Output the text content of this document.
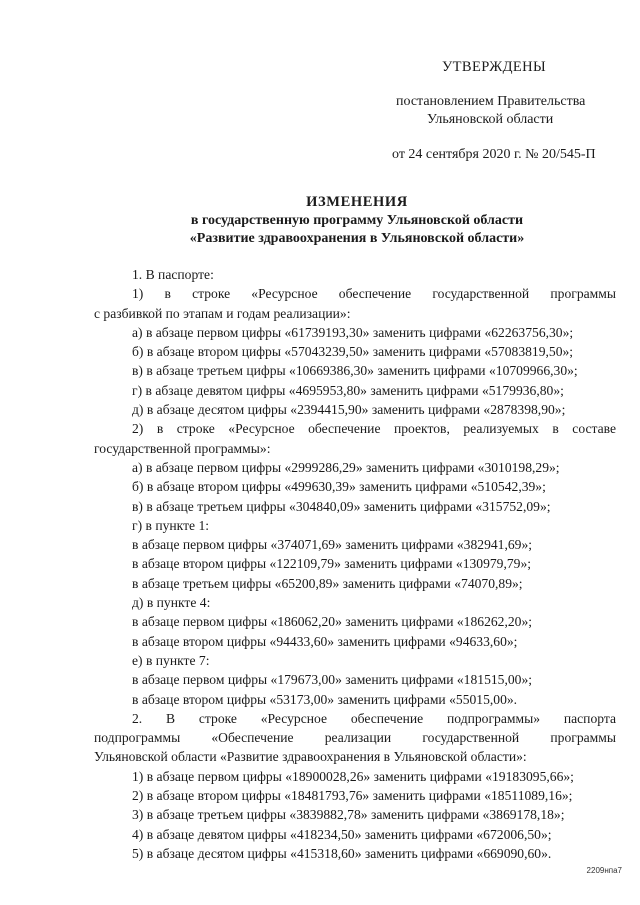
УТВЕРЖДЕНЫ
постановлением Правительства
Ульяновской области
от 24 сентября 2020 г. № 20/545-П
ИЗМЕНЕНИЯ
в государственную программу Ульяновской области
«Развитие здравоохранения в Ульяновской области»
1. В паспорте:
1) в строке «Ресурсное обеспечение государственной программы
с разбивкой по этапам и годам реализации»:
а) в абзаце первом цифры «61739193,30» заменить цифрами «62263756,30»;
б) в абзаце втором цифры «57043239,50» заменить цифрами «57083819,50»;
в) в абзаце третьем цифры «10669386,30» заменить цифрами «10709966,30»;
г) в абзаце девятом цифры «4695953,80» заменить цифрами «5179936,80»;
д) в абзаце десятом цифры «2394415,90» заменить цифрами «2878398,90»;
2) в строке «Ресурсное обеспечение проектов, реализуемых в составе
государственной программы»:
а) в абзаце первом цифры «2999286,29» заменить цифрами «3010198,29»;
б) в абзаце втором цифры «499630,39» заменить цифрами «510542,39»;
в) в абзаце третьем цифры «304840,09» заменить цифрами «315752,09»;
г) в пункте 1:
в абзаце первом цифры «374071,69» заменить цифрами «382941,69»;
в абзаце втором цифры «122109,79» заменить цифрами «130979,79»;
в абзаце третьем цифры «65200,89» заменить цифрами «74070,89»;
д) в пункте 4:
в абзаце первом цифры «186062,20» заменить цифрами «186262,20»;
в абзаце втором цифры «94433,60» заменить цифрами «94633,60»;
е) в пункте 7:
в абзаце первом цифры «179673,00» заменить цифрами «181515,00»;
в абзаце втором цифры «53173,00» заменить цифрами «55015,00».
2. В строке «Ресурсное обеспечение подпрограммы» паспорта
подпрограммы «Обеспечение реализации государственной программы
Ульяновской области «Развитие здравоохранения в Ульяновской области»:
1) в абзаце первом цифры «18900028,26» заменить цифрами «19183095,66»;
2) в абзаце втором цифры «18481793,76» заменить цифрами «18511089,16»;
3) в абзаце третьем цифры «3839882,78» заменить цифрами «3869178,18»;
4) в абзаце девятом цифры «418234,50» заменить цифрами «672006,50»;
5) в абзаце десятом цифры «415318,60» заменить цифрами «669090,60».
2209нпа7
